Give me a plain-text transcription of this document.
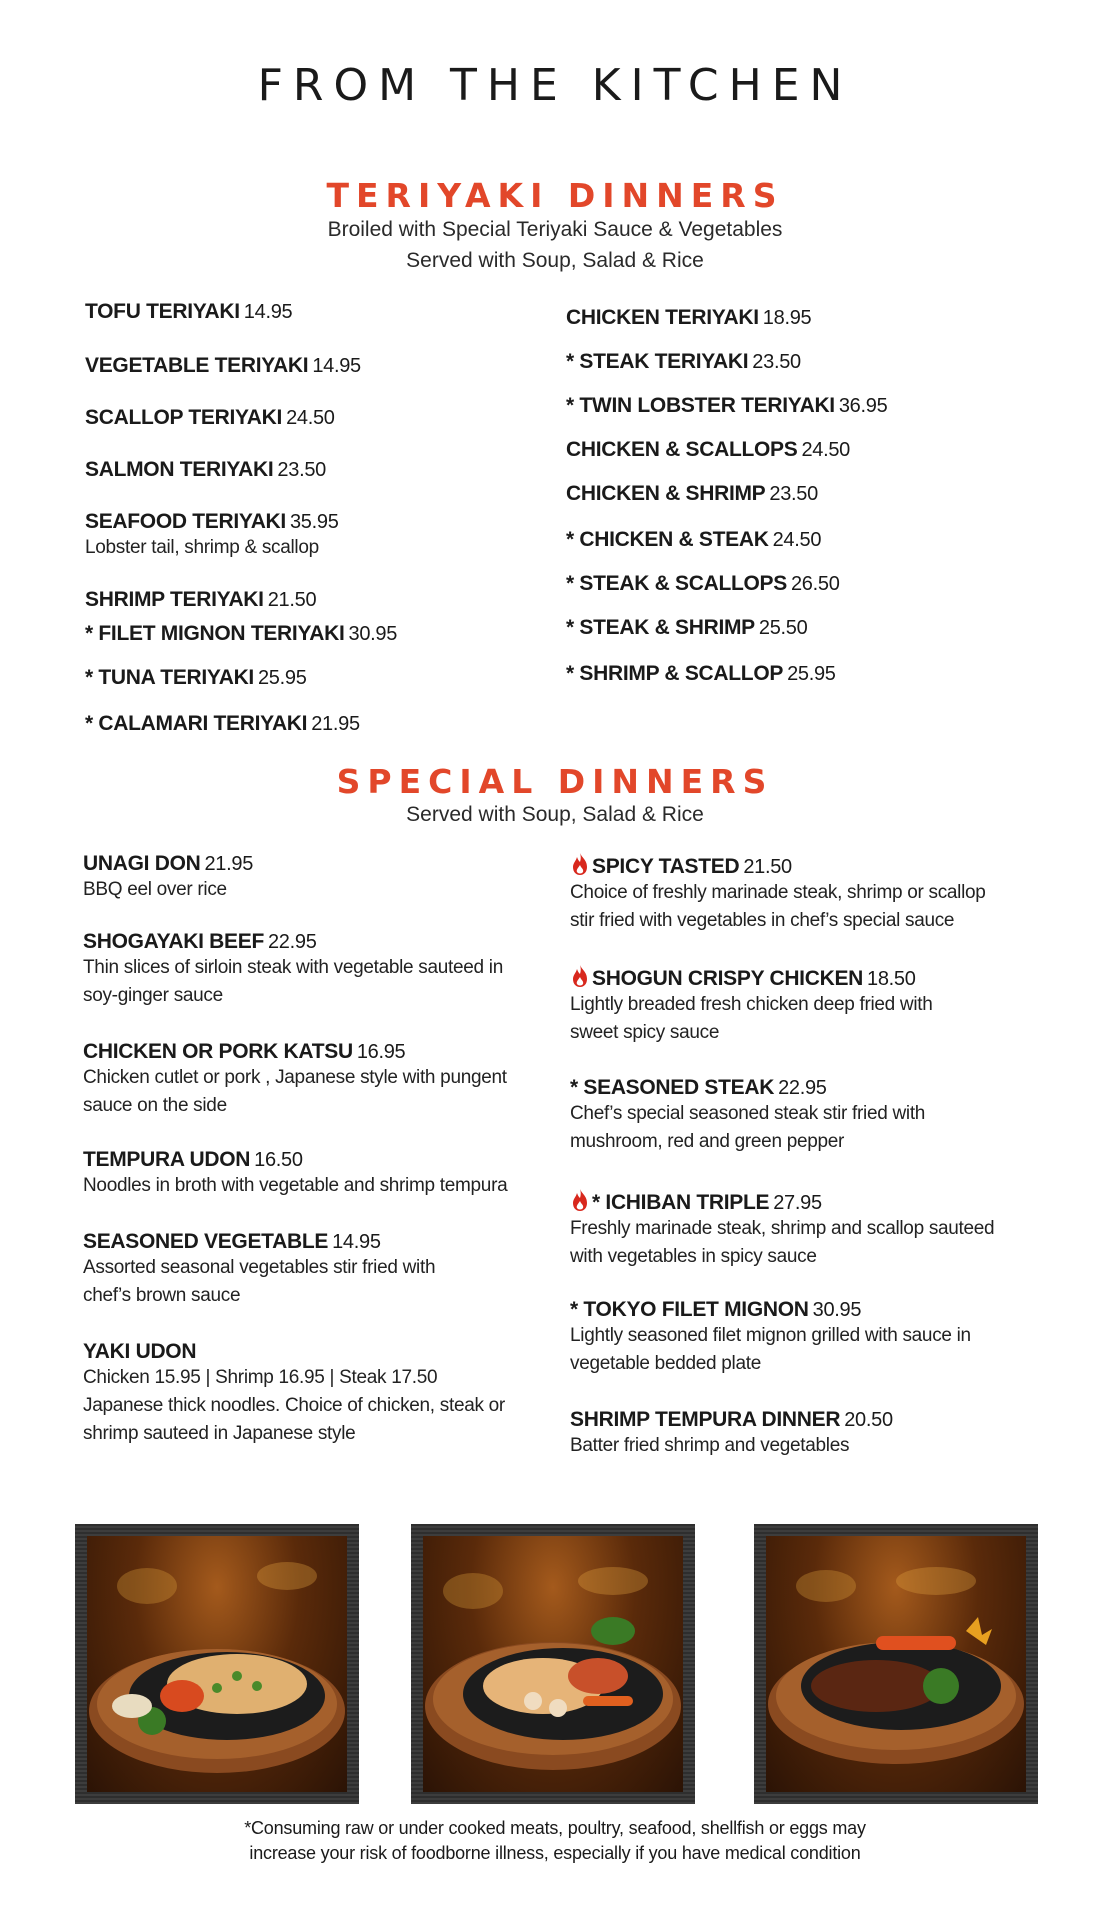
FROM THE KITCHEN
TERIYAKI DINNERS
Broiled with Special Teriyaki Sauce & Vegetables
Served with Soup, Salad & Rice
TOFU TERIYAKI 14.95
VEGETABLE TERIYAKI 14.95
SCALLOP TERIYAKI 24.50
SALMON TERIYAKI 23.50
SEAFOOD TERIYAKI 35.95
Lobster tail, shrimp & scallop
SHRIMP TERIYAKI 21.50
* FILET MIGNON TERIYAKI 30.95
* TUNA TERIYAKI 25.95
* CALAMARI TERIYAKI 21.95
CHICKEN TERIYAKI 18.95
* STEAK TERIYAKI 23.50
* TWIN LOBSTER TERIYAKI 36.95
CHICKEN & SCALLOPS 24.50
CHICKEN & SHRIMP 23.50
* CHICKEN & STEAK 24.50
* STEAK & SCALLOPS 26.50
* STEAK & SHRIMP 25.50
* SHRIMP & SCALLOP 25.95
SPECIAL DINNERS
Served with Soup, Salad & Rice
UNAGI DON 21.95
BBQ eel over rice
SHOGAYAKI BEEF 22.95
Thin slices of sirloin steak with vegetable sauteed in
soy-ginger sauce
CHICKEN OR PORK KATSU 16.95
Chicken cutlet or pork , Japanese style with pungent
sauce on the side
TEMPURA UDON 16.50
Noodles in broth with vegetable and shrimp tempura
SEASONED VEGETABLE 14.95
Assorted seasonal vegetables stir fried with
chef’s brown sauce
YAKI UDON
Chicken 15.95 | Shrimp 16.95 | Steak 17.50
Japanese thick noodles. Choice of chicken, steak or
shrimp sauteed in Japanese style
SPICY TASTED 21.50
Choice of freshly marinade steak, shrimp or scallop
stir fried with vegetables in chef’s special sauce
SHOGUN CRISPY CHICKEN 18.50
Lightly breaded fresh chicken deep fried with
sweet spicy sauce
* SEASONED STEAK 22.95
Chef’s special seasoned steak stir fried with
mushroom, red and green pepper
* ICHIBAN TRIPLE 27.95
Freshly marinade steak, shrimp and scallop sauteed
with vegetables in spicy sauce
* TOKYO FILET MIGNON 30.95
Lightly seasoned filet mignon grilled with sauce in
vegetable bedded plate
SHRIMP TEMPURA DINNER 20.50
Batter fried shrimp and vegetables
*Consuming raw or under cooked meats, poultry, seafood, shellfish or eggs may
increase your risk of foodborne illness, especially if you have medical condition
